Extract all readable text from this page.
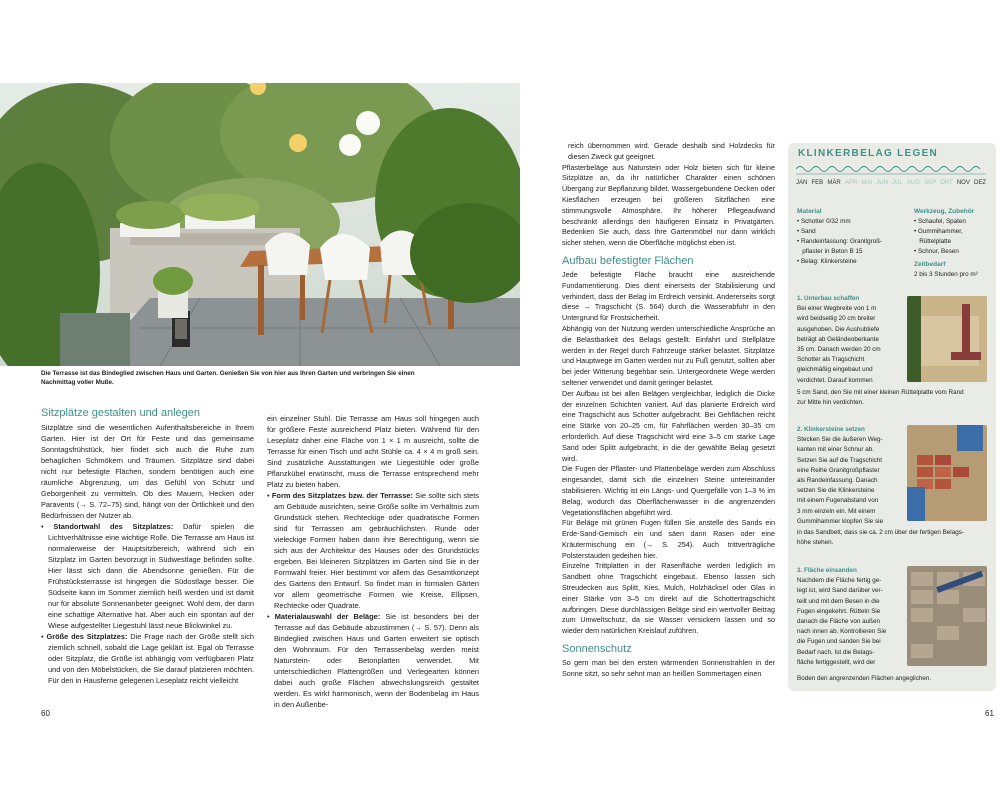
Die Terrasse ist das Bindeglied zwischen Haus und Garten. Genießen Sie von hier aus Ihren Garten und verbringen Sie einen Nachmittag voller Muße.

Sitzplätze gestalten und anlegen

Sitzplätze sind die wesentlichen Aufenthaltsbereiche in Ihrem Garten. Hier ist der Ort für Feste und das gemeinsame Sonntagsfrühstück, hier findet sich auch die Ruhe zum behaglichen Schmökern und Träumen. Sitzplätze sind dabei nicht nur befestigte Flächen, sondern benötigen auch eine räumliche Abgrenzung, um das Gefühl von Schutz und Geborgenheit zu vermitteln. Ob dies Mauern, Hecken oder Paravents (→ S. 72–75) sind, hängt von der Örtlichkeit und den Bedürfnissen der Nutzer ab.

• Standortwahl des Sitzplatzes: Dafür spielen die Lichtverhältnisse eine wichtige Rolle. Die Terrasse am Haus ist normalerweise der Hauptsitzbereich, während sich ein Sitzplatz im Garten bevorzugt in Südwestlage befinden sollte. Hier lässt sich dann die Abendsonne genießen. Für die Frühstücksterrasse ist hingegen die Südostlage besser. Die Südseite kann im Sommer ziemlich heiß werden und ist damit nur für absolute Sonnenanbeter geeignet. Wohl dem, der dann eine schattige Alternative hat. Aber auch ein spontan auf der Wiese aufgestellter Liegestuhl lässt neue Blickwinkel zu.

• Größe des Sitzplatzes: Die Frage nach der Größe stellt sich ziemlich schnell, sobald die Lage geklärt ist. Egal ob Terrasse oder Sitzplatz, die Größe ist abhängig vom verfügbaren Platz und von den Möbelstücken, die Sie darauf platzieren möchten. Für den in Hausferne gelegenen Leseplatz reicht vielleicht

ein einzelner Stuhl. Die Terrasse am Haus soll hingegen auch für größere Feste ausreichend Platz bieten. Während für den Leseplatz daher eine Fläche von 1 × 1 m ausreicht, sollte die Terrasse für einen Tisch und acht Stühle ca. 4 × 4 m groß sein. Sind zusätzliche Ausstattungen wie Liegestühle oder große Pflanzkübel erwünscht, muss die Terrasse entsprechend mehr Platz zu bieten haben.

• Form des Sitzplatzes bzw. der Terrasse: Sie sollte sich stets am Gebäude ausrichten, seine Größe sollte im Verhältnis zum Grundstück stehen. Rechteckige oder quadratische Formen sind für Terrassen am gebräuchlichsten. Runde oder vieleckige Formen haben dann ihre Berechtigung, wenn sie sich aus der Architektur des Hauses oder des Grundstücks ergeben. Bei kleineren Sitzplätzen im Garten sind Sie in der Formwahl freier. Hier bestimmt vor allem das Gesamtkonzept des Gartens den Entwurf. So findet man in formalen Gärten vor allem geometrische Formen wie Kreise, Ellipsen, Rechtecke oder Quadrate.

• Materialauswahl der Beläge: Sie ist besonders bei der Terrasse auf das Gebäude abzustimmen (→ S. 57). Denn als Bindeglied zwischen Haus und Garten erweitert sie optisch den Wohnraum. Für den Terrassenbelag werden meist Naturstein- oder Betonplatten verwendet. Mit unterschiedlichen Plattengrößen und Verlegearten können dabei auch große Flächen abwechslungsreich gestaltet werden. Es wirkt harmonisch, wenn der Bodenbelag im Haus in den Außenbe-

reich übernommen wird. Gerade deshalb sind Holzdecks für diesen Zweck gut geeignet.

Pflasterbeläge aus Naturstein oder Holz bieten sich für kleine Sitzplätze an, da ihr natürlicher Charakter einen schönen Übergang zur Bepflanzung bildet. Wassergebundene Decken oder Kiesflächen erzeugen bei größeren Sitzflächen eine stimmungsvolle Atmosphäre. Ihr höherer Pflegeaufwand beschränkt allerdings den häufigeren Einsatz in Privatgärten. Bedenken Sie auch, dass Ihre Gartenmöbel nur dann wirklich sicher stehen, wenn die Oberfläche möglichst eben ist.

Aufbau befestigter Flächen

Jede befestigte Fläche braucht eine ausreichende Fundamentierung. Dies dient einerseits der Stabilisierung und verhindert, dass der Belag im Erdreich versinkt. Andererseits sorgt diese → Tragschicht (S. 564) durch die Wasserabfuhr in den Untergrund für Frostsicherheit.

Abhängig von der Nutzung werden unterschiedliche Ansprüche an die Belastbarkeit des Belags gestellt. Einfahrt und Stellplätze werden in der Regel durch Fahrzeuge stärker belastet. Sitzplätze und Hauptwege im Garten werden nur zu Fuß genutzt, sollten aber bei jeder Witterung begehbar sein. Untergeordnete Wege werden seltener verwendet und damit geringer belastet.

Der Aufbau ist bei allen Belägen vergleichbar, lediglich die Dicke der einzelnen Schichten variiert. Auf das planierte Erdreich wird eine Tragschicht aus Schotter aufgebracht. Bei Gehflächen reicht eine Stärke von 20–25 cm, für Fahrflächen werden 30–35 cm erforderlich. Auf diese Tragschicht wird eine 3–5 cm starke Lage Sand oder Splitt aufgebracht, in die der gewählte Belag gesetzt wird.

Die Fugen der Pflaster- und Plattenbeläge werden zum Abschluss eingesandet, damit sich die einzelnen Steine untereinander stabilisieren. Wichtig ist ein Längs- und Quergefälle von 1–3 % im Belag, wodurch das Oberflächenwasser in die angrenzenden Vegetationsflächen abgeführt wird.

Für Beläge mit grünen Fugen füllen Sie anstelle des Sands ein Erde-Sand-Gemisch ein und säen dann Rasen oder eine Kräutermischung ein (→ S. 254). Auch trittverträgliche Polsterstauden gedeihen hier.

Einzelne Trittplatten in der Rasenfläche werden lediglich im Sandbett ohne Tragschicht eingebaut. Ebenso lassen sich Streudecken aus Splitt, Kies, Mulch, Holzhäcksel oder Glas in einer Stärke von 3–5 cm direkt auf die Schottertragschicht aufbringen. Diese durchlässigen Beläge sind ein wertvoller Beitrag zum Umweltschutz, da sie Wasser versickern lassen und so wieder dem natürlichen Kreislauf zuführen.

Sonnenschutz

So gern man bei den ersten wärmenden Sonnenstrahlen in der Sonne sitzt, so sehr sehnt man an heißen Sommertagen einen

KLINKERBELAG LEGEN
JAN FEB MÄR APR MAI JUN JUL AUG SEP OKT NOV DEZ
Material
• Schotter 0/32 mm
• Sand
• Randeinfassung: Granitgroß-
pflaster in Beton B 15
• Belag: Klinkersteine
Werkzeug, Zubehör
• Schaufel, Spaten
• Gummihammer,
Rüttelplatte
• Schnur, Besen
Zeitbedarf
2 bis 3 Stunden pro m²
1. Unterbau schaffen
Bei einer Wegbreite von 1 m
wird beidseitig 20 cm breiter
ausgehoben. Die Aushubtiefe
beträgt ab Geländeoberkante
35 cm. Danach werden 20 cm
Schotter als Tragschicht
gleichmäßig eingebaut und
verdichtet. Darauf kommen
5 cm Sand, den Sie mit einer kleinen Rüttelplatte vom Rand
zur Mitte hin verdichten.
2. Klinkersteine setzen
Stecken Sie die äußeren Weg-
kanten mit einer Schnur ab.
Setzen Sie auf die Tragschicht
eine Reihe Granitgroßpflaster
als Randeinfassung. Danach
setzen Sie die Klinkersteine
mit einem Fugenabstand von
3 mm einzeln ein. Mit einem
Gummihammer klopfen Sie sie
in das Sandbett, dass sie ca. 2 cm über der fertigen Belags-
höhe stehen.
3. Fläche einsanden
Nachdem die Fläche fertig ge-
legt ist, wird Sand darüber ver-
teilt und mit dem Besen in die
Fugen eingekehrt. Rütteln Sie
danach die Fläche von außen
nach innen ab. Kontrollieren Sie
die Fugen und sanden Sie bei
Bedarf nach. Ist die Belags-
fläche fertiggestellt, wird der
Boden den angrenzenden Flächen angeglichen.
60	61
